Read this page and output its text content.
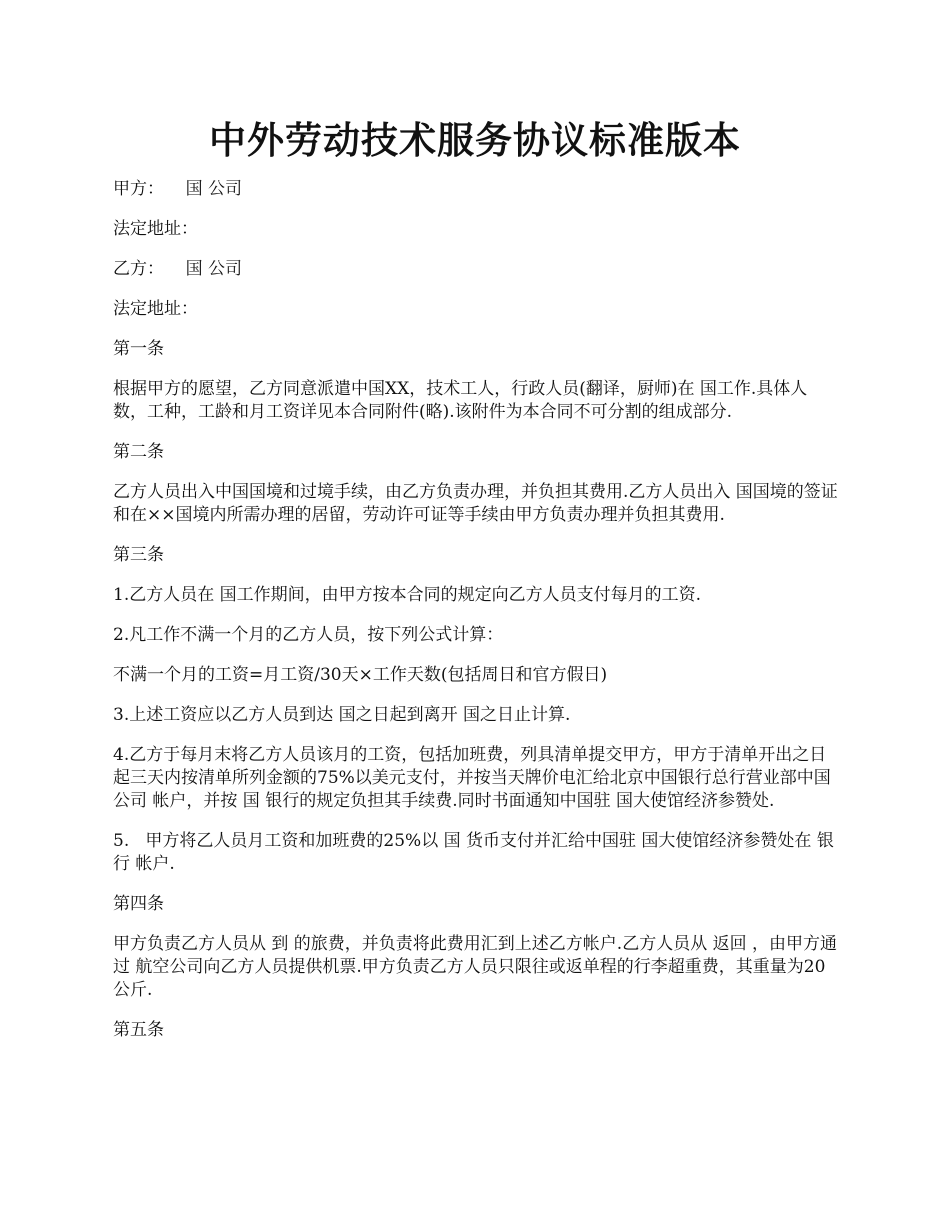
中外劳动技术服务协议标准版本

甲方：    国 公司

法定地址：

乙方：    国 公司

法定地址：

第一条

根据甲方的愿望，乙方同意派遣中国XX，技术工人，行政人员(翻译，厨师)在 国工作.具体人数，工种，工龄和月工资详见本合同附件(略).该附件为本合同不可分割的组成部分.

第二条

乙方人员出入中国国境和过境手续，由乙方负责办理，并负担其费用.乙方人员出入 国国境的签证和在××国境内所需办理的居留，劳动许可证等手续由甲方负责办理并负担其费用.

第三条

1.乙方人员在 国工作期间，由甲方按本合同的规定向乙方人员支付每月的工资.

2.凡工作不满一个月的乙方人员，按下列公式计算：

不满一个月的工资=月工资/30天×工作天数(包括周日和官方假日)

3.上述工资应以乙方人员到达 国之日起到离开 国之日止计算.

4.乙方于每月末将乙方人员该月的工资，包括加班费，列具清单提交甲方，甲方于清单开出之日起三天内按清单所列金额的75%以美元支付，并按当天牌价电汇给北京中国银行总行营业部中国 公司 帐户，并按 国 银行的规定负担其手续费.同时书面通知中国驻 国大使馆经济参赞处.

5.   甲方将乙人员月工资和加班费的25%以 国 货币支付并汇给中国驻 国大使馆经济参赞处在 银行 帐户.

第四条

甲方负责乙方人员从 到 的旅费，并负责将此费用汇到上述乙方帐户.乙方人员从 返回 ，由甲方通过 航空公司向乙方人员提供机票.甲方负责乙方人员只限往或返单程的行李超重费，其重量为20公斤.

第五条
